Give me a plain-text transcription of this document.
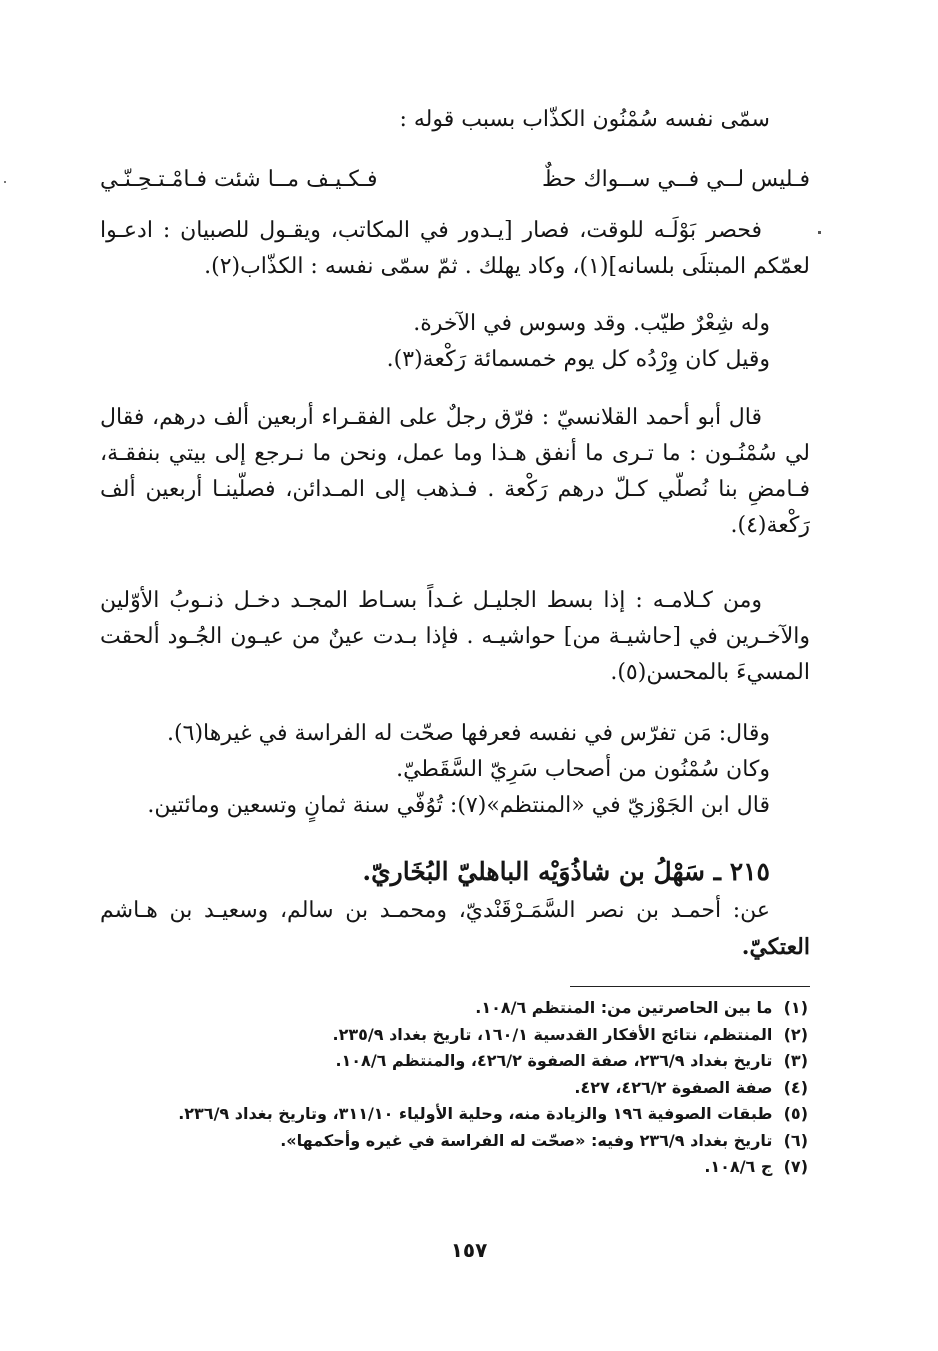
سمّى نفسه سُمْنُون الكذّاب بسبب قوله :
فـليس لــي فــي ســواك حظٌ
فـكـيـف مــا شئت فـامْـتـحِـنّـي
فحصر بَوْلَـه للوقت، فصار [يـدور في المكاتب، ويقـول للصبيان : ادعـوا
لعمّكم المبتلَى بلسانه](١)، وكاد يهلك . ثمّ سمّى نفسه : الكذّاب(٢).
وله شِعْرٌ طيّب. وقد وسوس في الآخرة.
وقيل كان وِرْدُه كل يوم خمسمائة رَكْعة(٣).
قال أبو أحمد القلانسيّ : فرّق رجلٌ على الفقـراء أربعين ألف درهم، فقال
لي سُمْنُـون : ما تـرى ما أنفق هـذا وما عمل، ونحن ما نـرجع إلى بيتي بنفقـة،
فـامضِ بنا نُصلّي كـلّ درهم رَكْعة . فـذهب إلى المـدائن، فصلّينـا أربعين ألف
رَكْعة(٤).
ومن كـلامـه : إذا بسط الجليـل غـداً بسـاط المجـد دخـل ذنـوبُ الأوّلين
والآخـرين في [حاشيـة من] حواشيـه . فإذا بـدت عينٌ من عيـون الجُـود ألحقت
المسيءَ بالمحسن(٥).
وقال: مَن تفرّس في نفسه فعرفها صحّت له الفراسة في غيرها(٦).
وكان سُمْنُون من أصحاب سَرِيّ السَّقَطيّ.
قال ابن الجَوْزيّ في «المنتظم»(٧): تُوُفّي سنة ثمانٍ وتسعين ومائتين.
٢١٥ ـ سَهْلُ بن شاذُوَيْه الباهليّ البُخَاريّ.
عن: أحمـد بن نصر السَّمَـرْقَنْديّ، ومحمـد بن سالم، وسعيـد بن هـاشم
العتكيّ.
(١) ما بين الحاصرتين من: المنتظم ١٠٨/٦.
(٢) المنتظم، نتائج الأفكار القدسية ١٦٠/١، تاريخ بغداد ٢٣٥/٩.
(٣) تاريخ بغداد ٢٣٦/٩، صفة الصفوة ٤٢٦/٢، والمنتظم ١٠٨/٦.
(٤) صفة الصفوة ٤٢٦/٢، ٤٢٧.
(٥) طبقات الصوفية ١٩٦ والزيادة منه، وحلية الأولياء ٣١١/١٠، وتاريخ بغداد ٢٣٦/٩.
(٦) تاريخ بغداد ٢٣٦/٩ وفيه: «صحّت له الفراسة في غيره وأحكمها».
(٧) ج ١٠٨/٦.
١٥٧
